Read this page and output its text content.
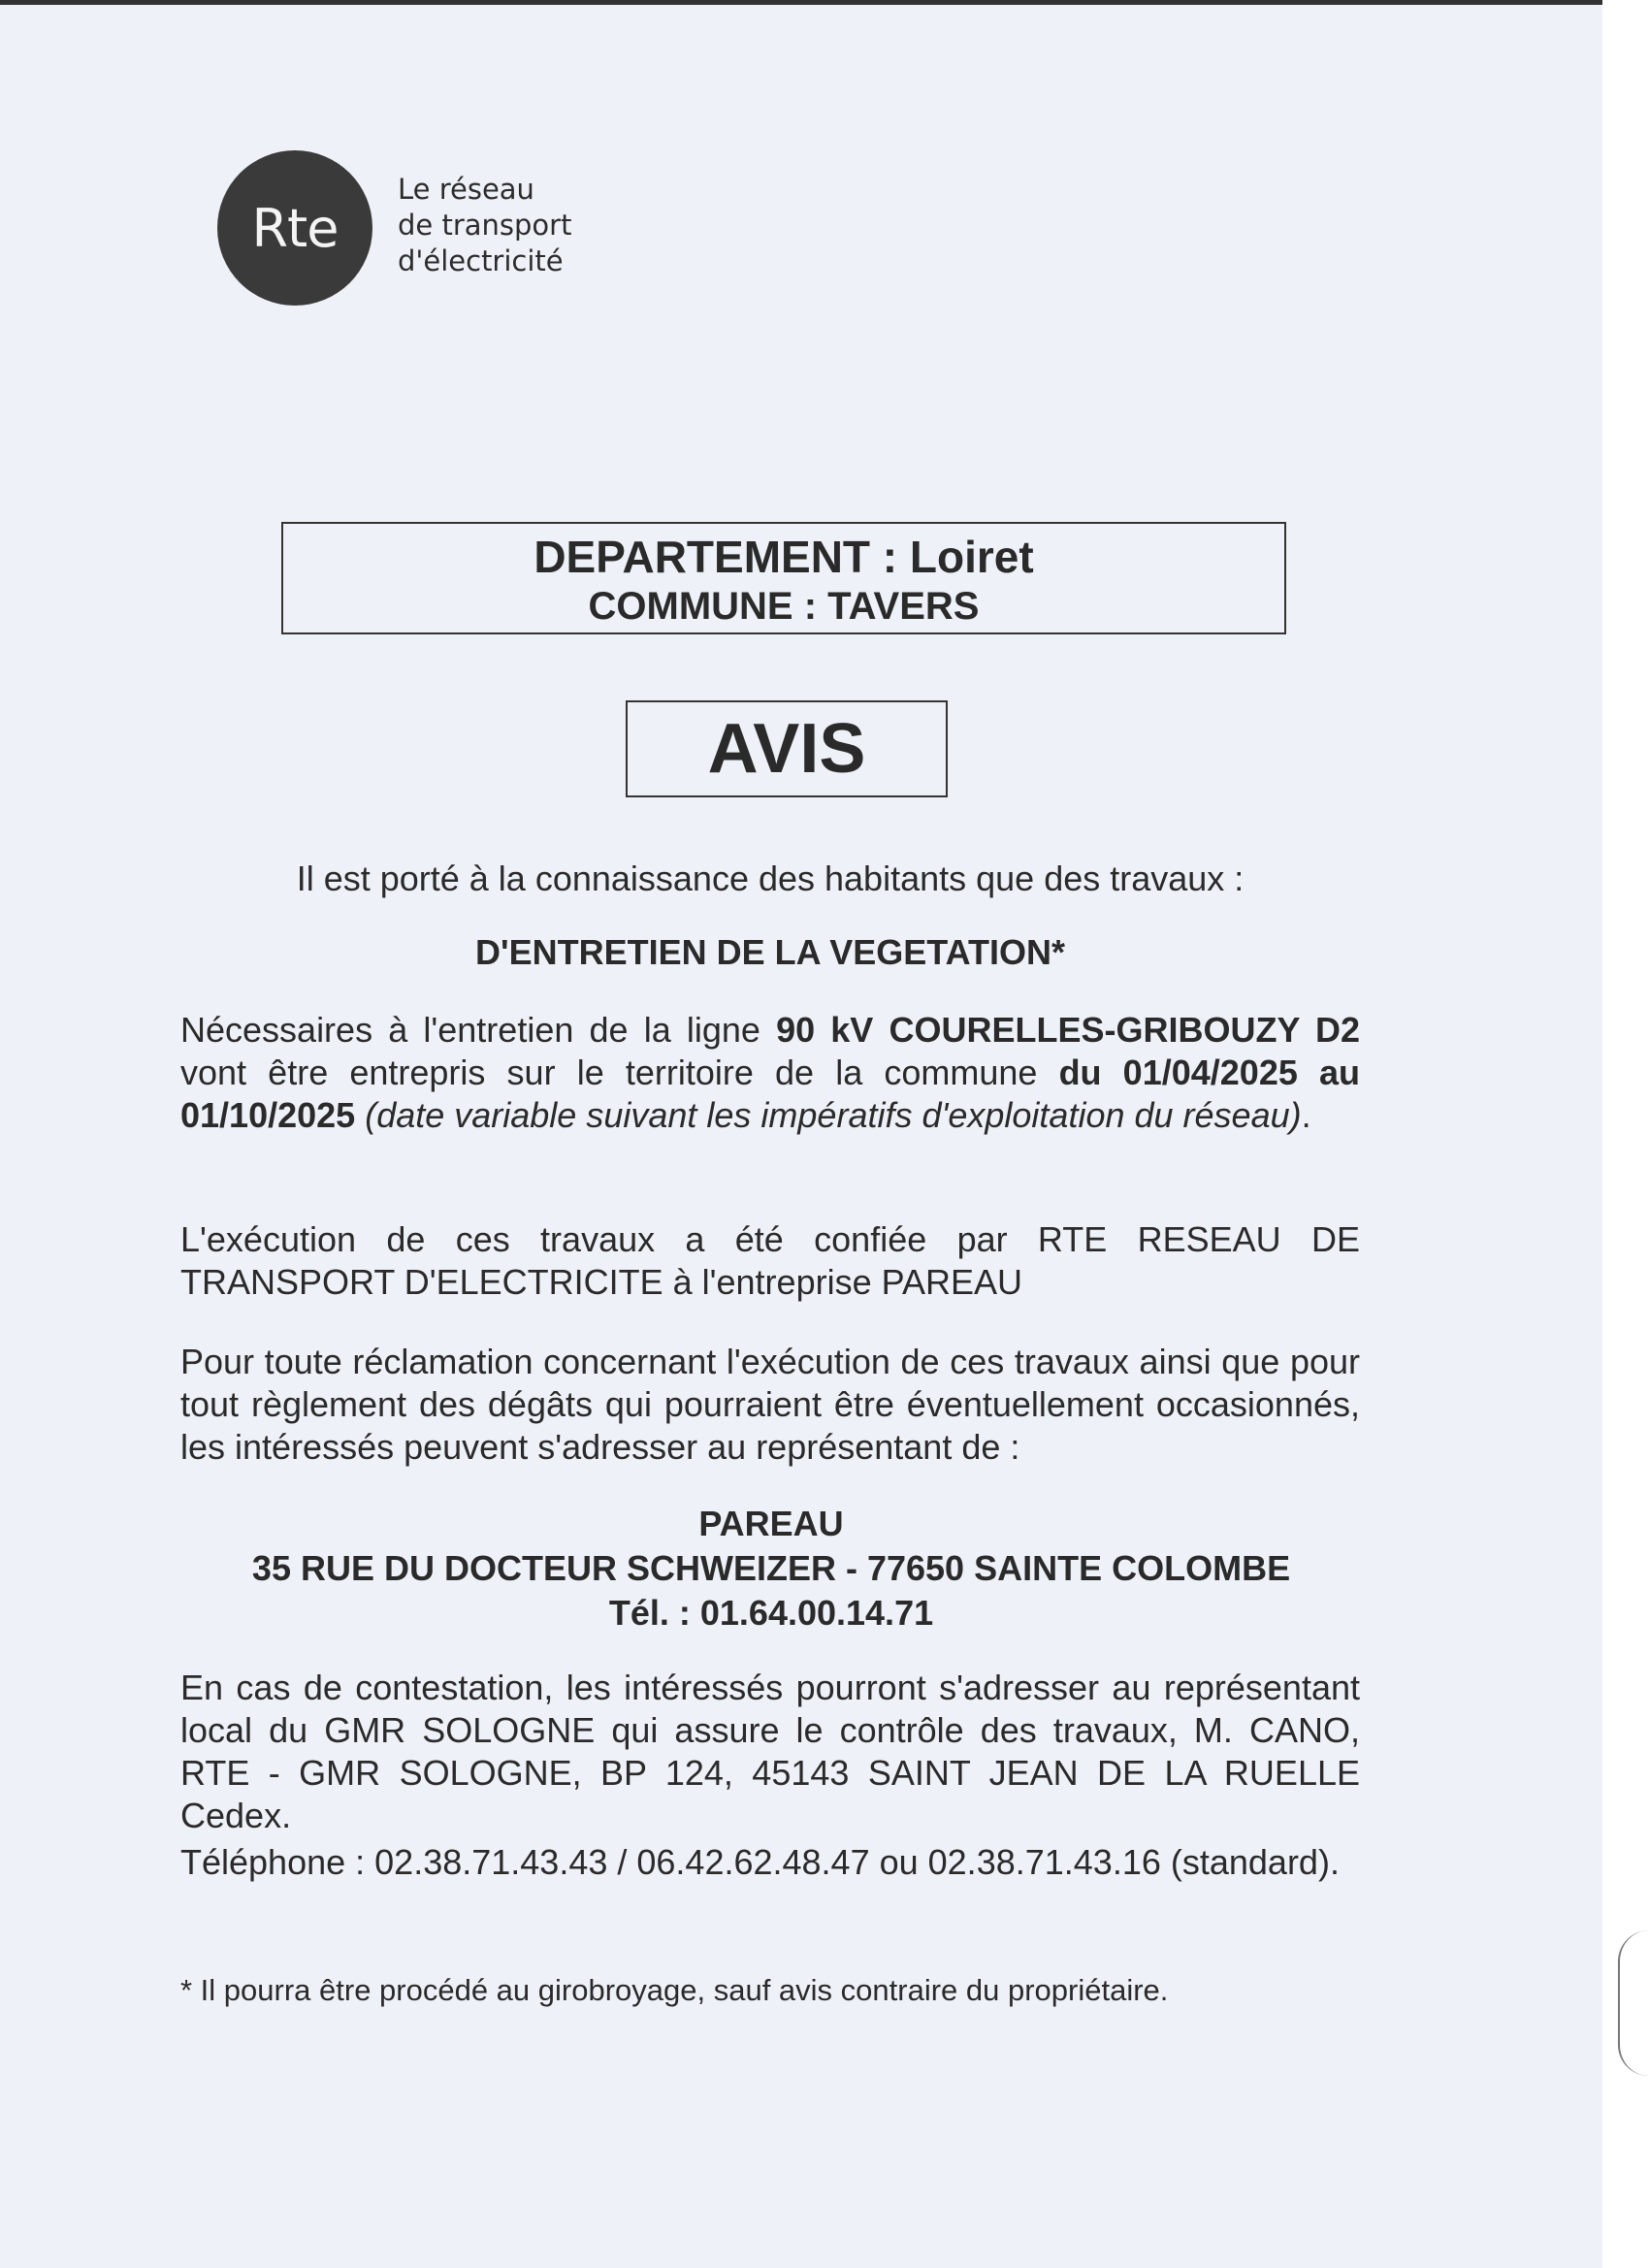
Rte
Le réseau
de transport
d'électricité
DEPARTEMENT : Loiret
COMMUNE : TAVERS
AVIS
Il est porté à la connaissance des habitants que des travaux :
D'ENTRETIEN DE LA VEGETATION*
Nécessaires à l'entretien de la ligne 90 kV COURELLES-GRIBOUZY D2 vont être entrepris sur le territoire de la commune du 01/04/2025 au 01/10/2025 (date variable suivant les impératifs d'exploitation du réseau).
L'exécution de ces travaux a été confiée par RTE RESEAU DE TRANSPORT D'ELECTRICITE à l'entreprise PAREAU
Pour toute réclamation concernant l'exécution de ces travaux ainsi que pour tout règlement des dégâts qui pourraient être éventuellement occasionnés, les intéressés peuvent s'adresser au représentant de :
PAREAU
35 RUE DU DOCTEUR SCHWEIZER - 77650 SAINTE COLOMBE
Tél. : 01.64.00.14.71
En cas de contestation, les intéressés pourront s'adresser au représentant local du GMR SOLOGNE qui assure le contrôle des travaux, M. CANO, RTE - GMR SOLOGNE, BP 124, 45143 SAINT JEAN DE LA RUELLE Cedex.
Téléphone : 02.38.71.43.43 / 06.42.62.48.47 ou 02.38.71.43.16 (standard).
* Il pourra être procédé au girobroyage, sauf avis contraire du propriétaire.
